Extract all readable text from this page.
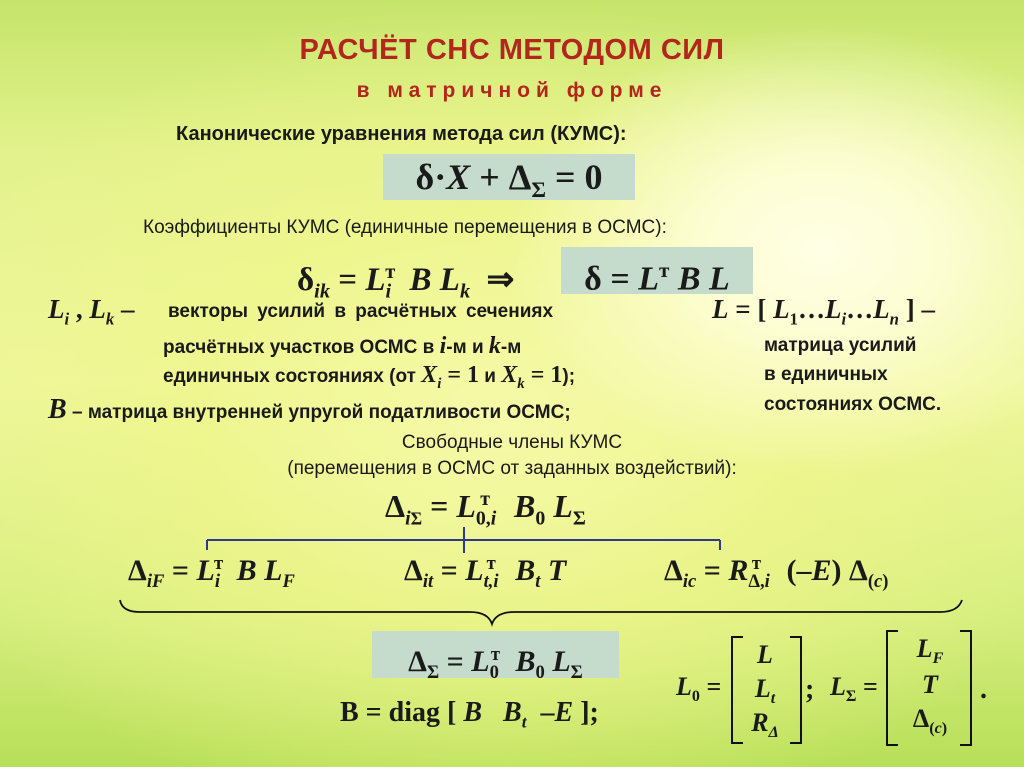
РАСЧЁТ СНС МЕТОДОМ СИЛ
в матричной форме
Канонические уравнения метода сил (КУМС):
$\delta\cdot X + \Delta_\Sigma = 0$
Коэффициенты КУМС (единичные перемещения в ОСМС):
$\delta_{ik} = L_i^т$ B $L_k$  ⇒	$\delta = L^т$ B L
$L_i$ , $L_k$ – векторы усилий в расчётных сечениях
расчётных участков ОСМС в i-м и k-м
единичных состояниях (от $X_i = 1$ и $X_k = 1$);
B – матрица внутренней упругой податливости ОСМС;
L = [ $L_1\dots L_i\dots L_n$ ] –
матрица усилий
в единичных
состояниях ОСМС.
Свободные члены КУМС
(перемещения в ОСМС от заданных воздействий):
$\Delta_{i\Sigma} = L_{0,i}^т$ $B_0$ $L_\Sigma$
$\Delta_{iF} = L_i^т$ B $L_F$	$\Delta_{it} = L_{t,i}^т$ $B_t$ T	$\Delta_{ic} = R_{\Delta,i}^т$ (–E) $\Delta_{(c)}$
$\Delta_\Sigma = L_0^т$ $B_0$ $L_\Sigma$
B = diag [ B $B_t$  –E ];
$L_0$ =
L
$L_t$
$R_\Delta$
; $L_\Sigma$ =
$L_F$
T
$\Delta_{(c)}$
.
